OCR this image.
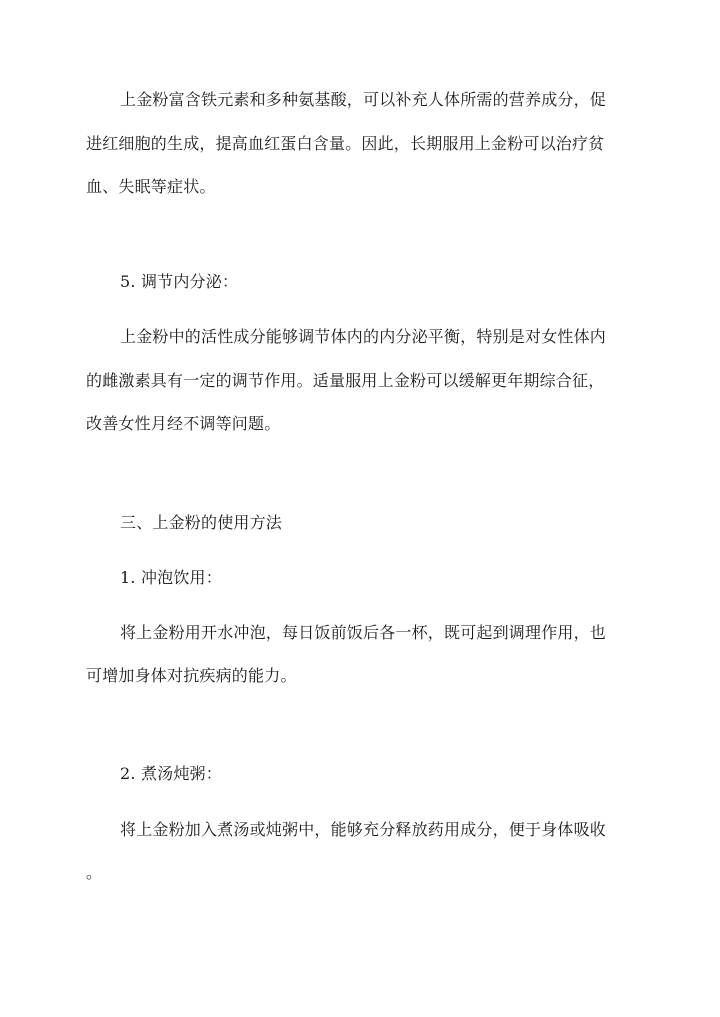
上金粉富含铁元素和多种氨基酸，可以补充人体所需的营养成分，促
进红细胞的生成，提高血红蛋白含量。因此，长期服用上金粉可以治疗贫
血、失眠等症状。
5. 调节内分泌：
上金粉中的活性成分能够调节体内的内分泌平衡，特别是对女性体内
的雌激素具有一定的调节作用。适量服用上金粉可以缓解更年期综合征，
改善女性月经不调等问题。
三、上金粉的使用方法
1. 冲泡饮用：
将上金粉用开水冲泡，每日饭前饭后各一杯，既可起到调理作用，也
可增加身体对抗疾病的能力。
2. 煮汤炖粥：
将上金粉加入煮汤或炖粥中，能够充分释放药用成分，便于身体吸收
。
